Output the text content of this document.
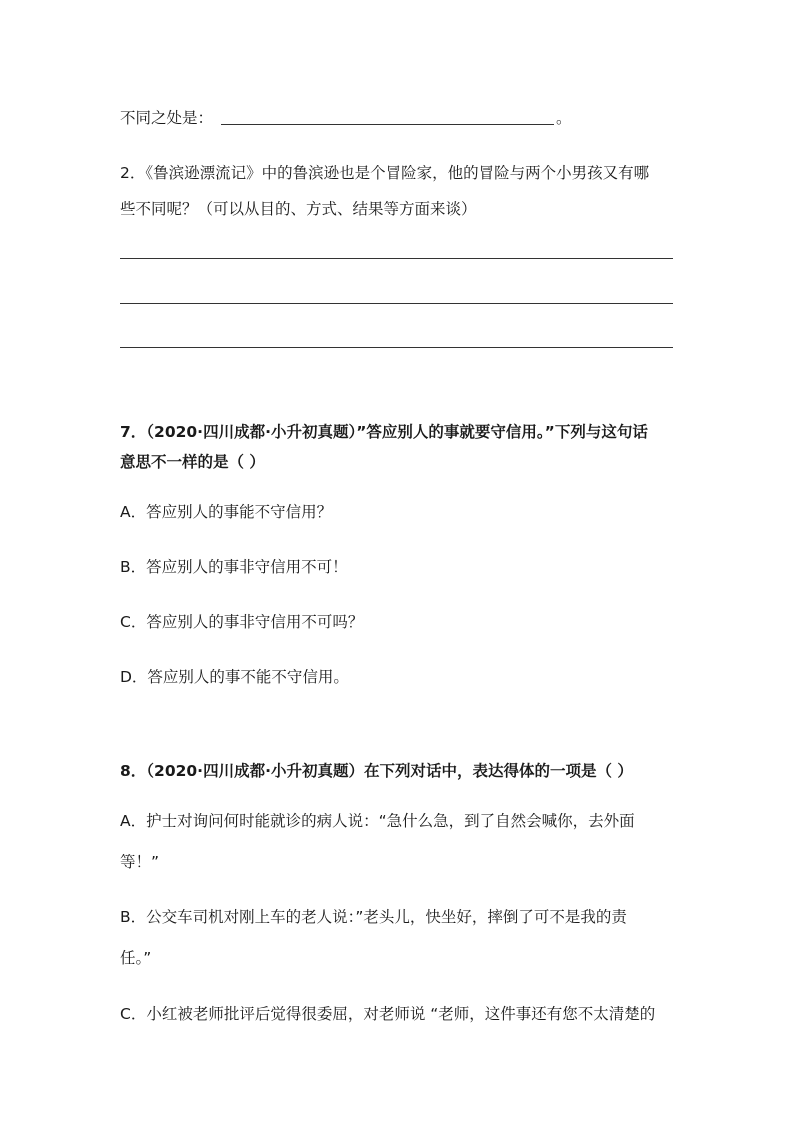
不同之处是：	。
2．《鲁滨逊漂流记》中的鲁滨逊也是个冒险家，他的冒险与两个小男孩又有哪
些不同呢？（可以从目的、方式、结果等方面来谈）
7．（2020·四川成都·小升初真题）”答应别人的事就要守信用。”下列与这句话
意思不一样的是（ ）
A．答应别人的事能不守信用？
B．答应别人的事非守信用不可！
C．答应别人的事非守信用不可吗？
D．答应别人的事不能不守信用。
8．（2020·四川成都·小升初真题）在下列对话中，表达得体的一项是（ ）
A．护士对询问何时能就诊的病人说：“急什么急，到了自然会喊你，去外面
等！”
B．公交车司机对刚上车的老人说：”老头儿，快坐好，摔倒了可不是我的责
任。”
C．小红被老师批评后觉得很委屈，对老师说 “老师，这件事还有您不太清楚的
